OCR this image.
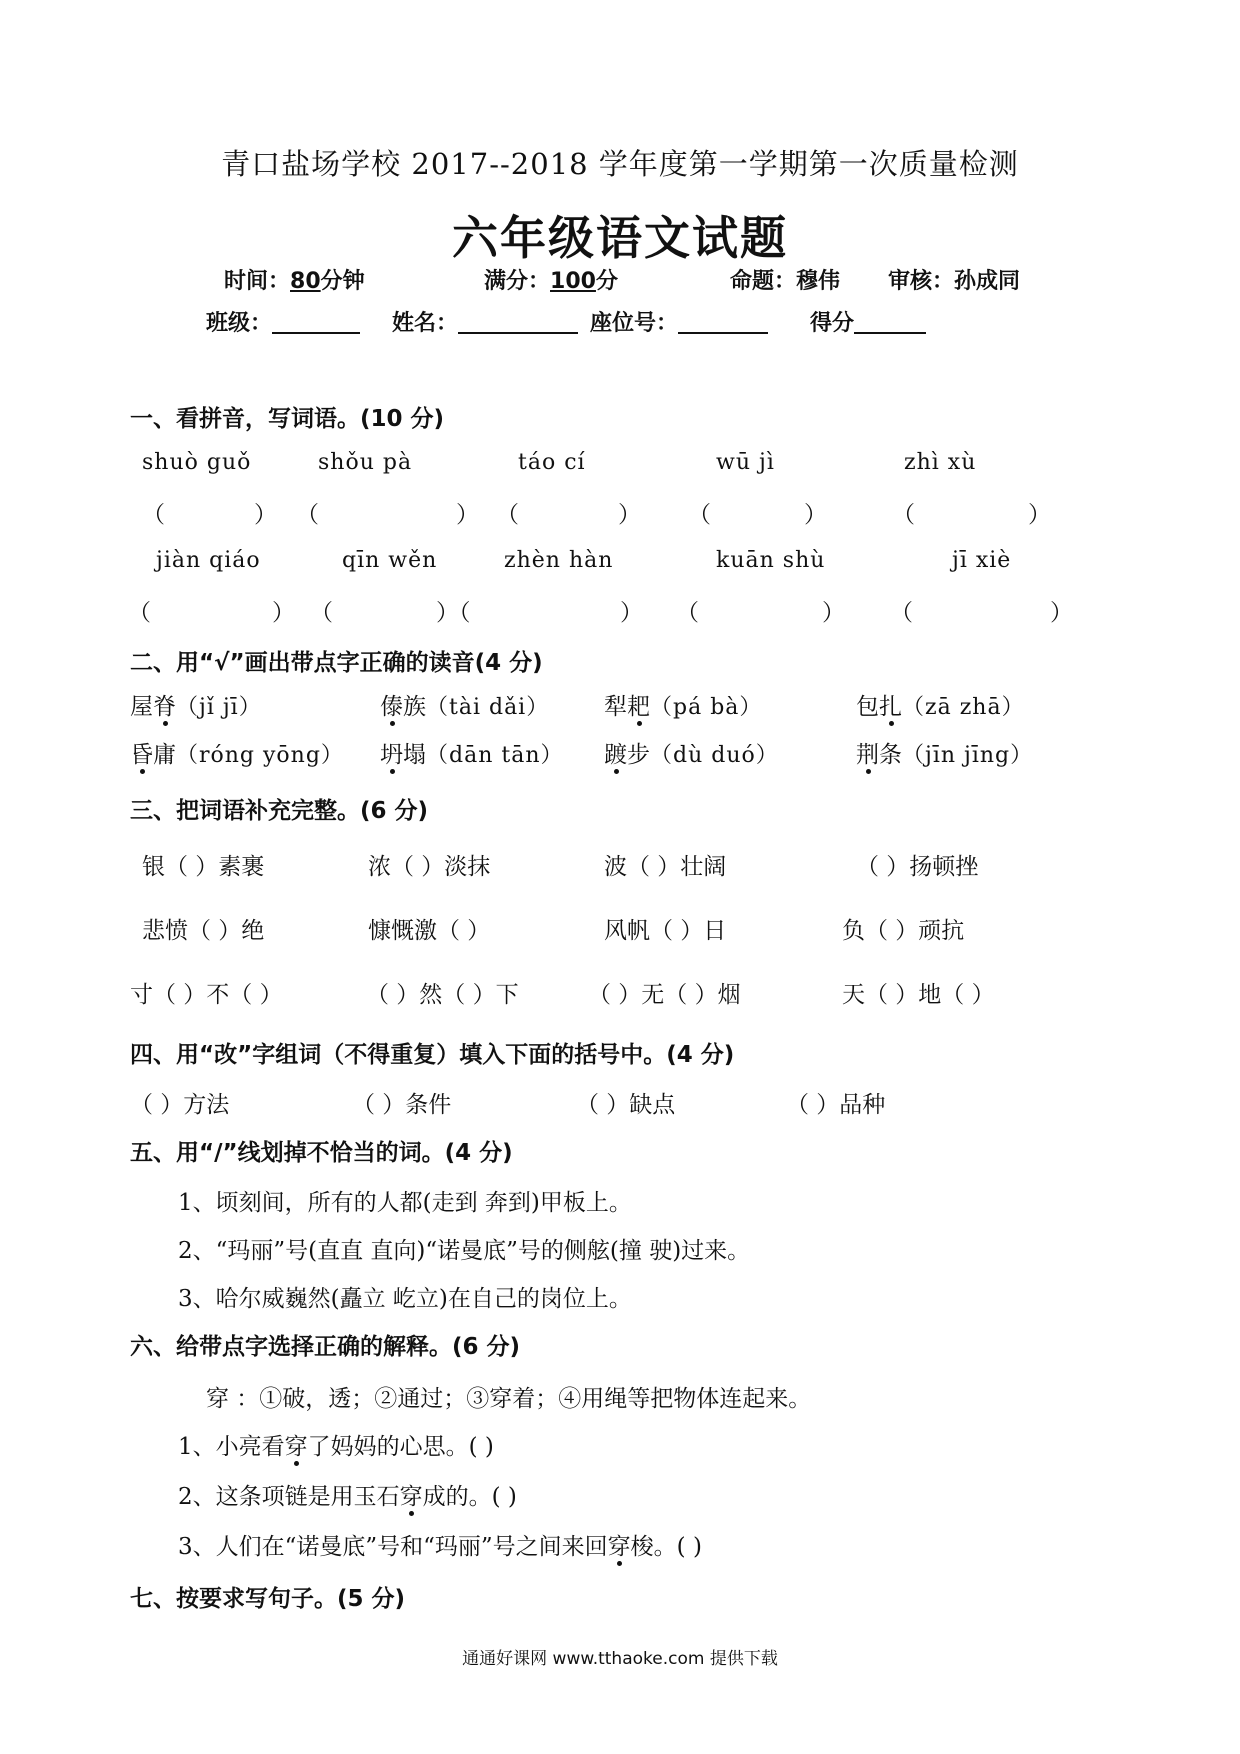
青口盐场学校 2017--2018 学年度第一学期第一次质量检测
六年级语文试题
时间：80分钟	满分：100分	命题：穆伟 审核：孙成同
班级：	姓名：	座位号：	得分
一、看拼音，写词语。(10 分)
shuò guǒ	shǒu pà	táo cí	wū jì	zhì xù
（	） （	） （	） （	）	（	）
jiàn qiáo	qīn wěn	zhèn hàn	kuān shù	jī xiè
（	） （	）（	） （	） （	）
二、用“√”画出带点字正确的读音(4 分)
屋脊（jǐ jī）	傣族（tài dǎi） 犁耙（pá bà）	包扎（zā zhā）
昏庸（róng yōng） 坍塌（dān tān） 踱步（dù duó）	荆条（jīn jīng）
三、把词语补充完整。(6 分)
银（ ）素裹	浓（ ）淡抹	波（ ）壮阔	（ ）扬顿挫
悲愤（ ）绝	慷慨激（ ）	风帆（ ）日	负（ ）顽抗
寸（ ）不（ ）	（ ）然（ ）下	（ ）无（ ）烟	天（ ）地（ ）
四、用“改”字组词（不得重复）填入下面的括号中。(4 分)
（ ）方法	（ ）条件	（ ）缺点	（ ）品种
五、用“/”线划掉不恰当的词。(4 分)
1、顷刻间，所有的人都(走到 奔到)甲板上。
2、“玛丽”号(直直 直向)“诺曼底”号的侧舷(撞 驶)过来。
3、哈尔威巍然(矗立 屹立)在自己的岗位上。
六、给带点字选择正确的解释。(6 分)
穿 ：①破，透；②通过；③穿着；④用绳等把物体连起来。
1、小亮看穿了妈妈的心思。( )
2、这条项链是用玉石穿成的。( )
3、人们在“诺曼底”号和“玛丽”号之间来回穿梭。( )
七、按要求写句子。(5 分)
通通好课网 www.tthaoke.com 提供下载
